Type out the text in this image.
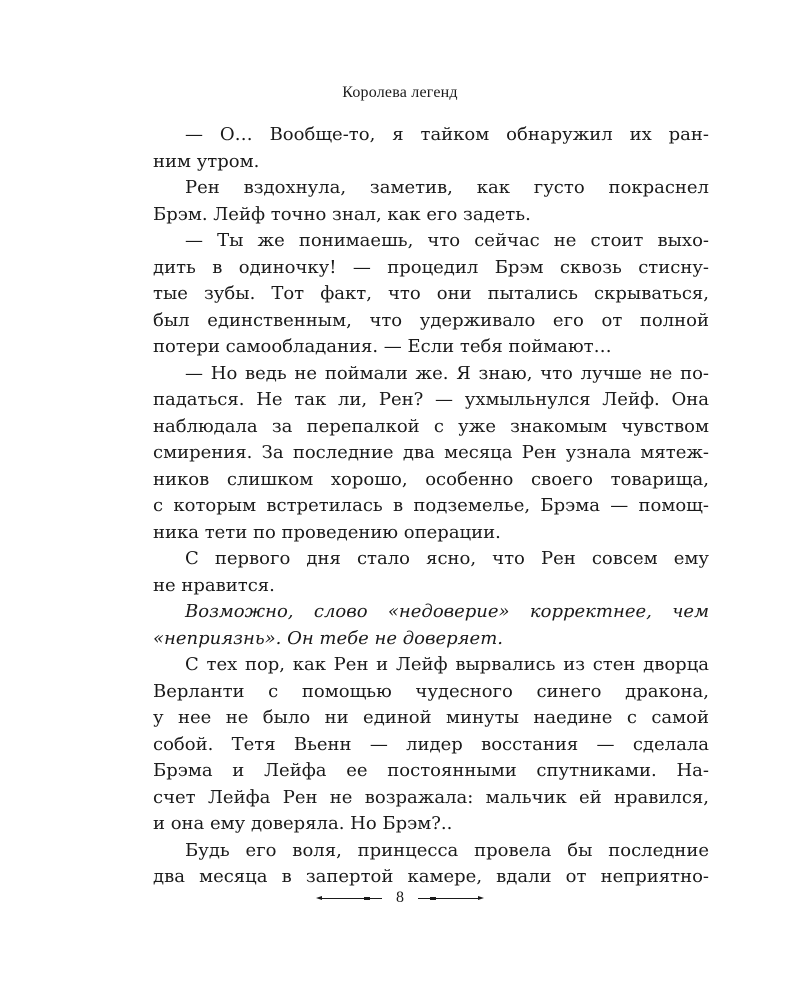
Королева легенд
— О… Вообще-то, я тайком обнаружил их ран-
ним утром.
Рен вздохнула, заметив, как густо покраснел
Брэм. Лейф точно знал, как его задеть.
— Ты же понимаешь, что сейчас не стоит выхо-
дить в одиночку! — процедил Брэм сквозь стисну-
тые зубы. Тот факт, что они пытались скрываться,
был единственным, что удерживало его от полной
потери самообладания. — Если тебя поймают…
— Но ведь не поймали же. Я знаю, что лучше не по-
падаться. Не так ли, Рен? — ухмыльнулся Лейф. Она
наблюдала за перепалкой с уже знакомым чувством
смирения. За последние два месяца Рен узнала мятеж-
ников слишком хорошо, особенно своего товарища,
с которым встретилась в подземелье, Брэма — помощ-
ника тети по проведению операции.
С первого дня стало ясно, что Рен совсем ему
не нравится.
Возможно, слово «недоверие» корректнее, чем
«неприязнь». Он тебе не доверяет.
С тех пор, как Рен и Лейф вырвались из стен дворца
Верланти с помощью чудесного синего дракона,
у нее не было ни единой минуты наедине с самой
собой. Тетя Вьенн — лидер восстания — сделала
Брэма и Лейфа ее постоянными спутниками. На-
счет Лейфа Рен не возражала: мальчик ей нравился,
и она ему доверяла. Но Брэм?..
Будь его воля, принцесса провела бы последние
два месяца в запертой камере, вдали от неприятно-
8
